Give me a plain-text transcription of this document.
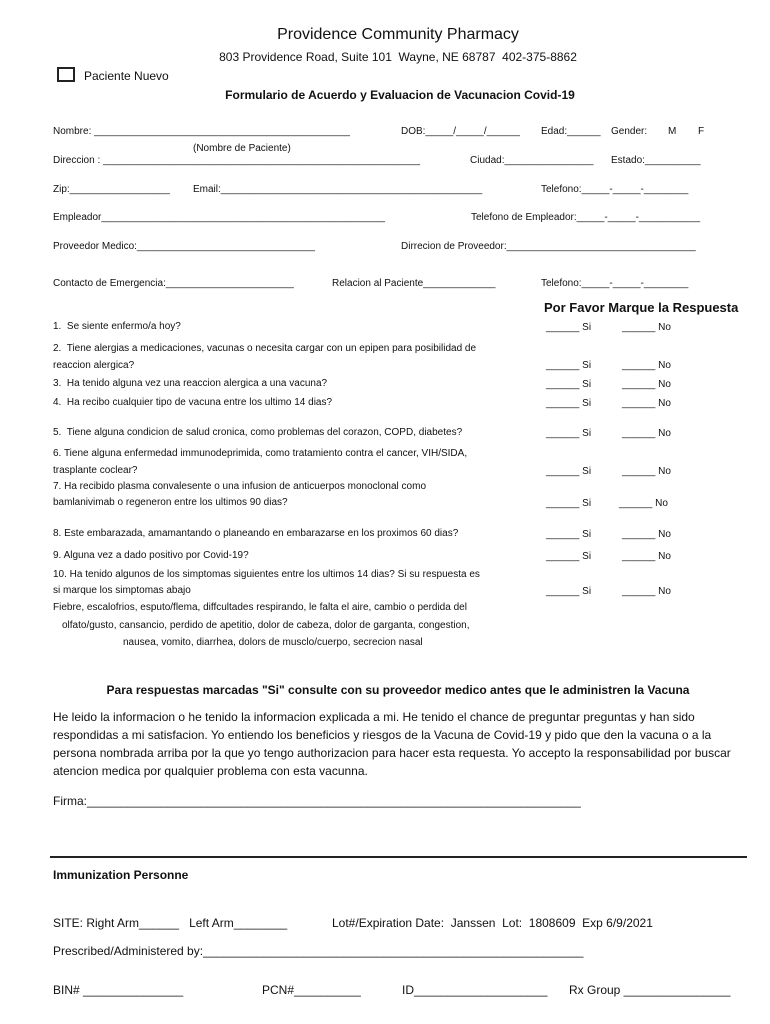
Providence Community Pharmacy
803 Providence Road, Suite 101  Wayne, NE 68787  402-375-8862
Paciente Nuevo
Formulario de Acuerdo y Evaluacion de Vacunacion Covid-19
Nombre: ______________________________________________	DOB:_____/_____/______ Edad:______ Gender: M F
(Nombre de Paciente)
Direccion : _________________________________________________________	Ciudad:________________ Estado:__________
Zip:__________________ Email:_______________________________________________	Telefono:_____-_____-________
Empleador___________________________________________________	Telefono de Empleador:_____-_____-___________
Proveedor Medico:________________________________	Dirrecion de Proveedor:__________________________________
Contacto de Emergencia:_______________________	Relacion al Paciente_____________	Telefono:_____-_____-________
Por Favor Marque la Respuesta
1.  Se siente enfermo/a hoy?	______ Si	______ No
2.  Tiene alergias a medicaciones, vacunas o necesita cargar con un epipen para posibilidad de
reaccion alergica?	______ Si	______ No
3.  Ha tenido alguna vez una reaccion alergica a una vacuna?	______ Si	______ No
4.  Ha recibo cualquier tipo de vacuna entre los ultimo 14 dias?	______ Si	______ No
5.  Tiene alguna condicion de salud cronica, como problemas del corazon, COPD, diabetes?	______ Si	______ No
6. Tiene alguna enfermedad immunodeprimida, como tratamiento contra el cancer, VIH/SIDA,
trasplante coclear?	______ Si	______ No
7. Ha recibido plasma convalesente o una infusion de anticuerpos monoclonal como
bamlanivimab o regeneron entre los ultimos 90 dias?	______ Si	______ No
8. Este embarazada, amamantando o planeando en embarazarse en los proximos 60 dias?	______ Si	______ No
9. Alguna vez a dado positivo por Covid-19?	______ Si	______ No
10. Ha tenido algunos de los simptomas siguientes entre los ultimos 14 dias? Si su respuesta es
si marque los simptomas abajo	______ Si	______ No
Fiebre, escalofrios, esputo/flema, diffcultades respirando, le falta el aire, cambio o perdida del
olfato/gusto, cansancio, perdido de apetitio, dolor de cabeza, dolor de garganta, congestion,
nausea, vomito, diarrhea, dolors de musclo/cuerpo, secrecion nasal
Para respuestas marcadas "Si" consulte con su proveedor medico antes que le administren la Vacuna
He leido la informacion o he tenido la informacion explicada a mi. He tenido el chance de preguntar preguntas y han sido respondidas a mi satisfacion. Yo entiendo los beneficios y riesgos de la Vacuna de Covid-19 y pido que den la vacuna o a la persona nombrada arriba por la que yo tengo authorizacion para hacer esta requesta. Yo accepto la responsabilidad por buscar atencion medica por qualquier problema con esta vacunna.
Firma:__________________________________________________________________________
Immunization Personne
SITE: Right Arm______   Left Arm________	Lot#/Expiration Date:  Janssen  Lot:  1808609  Exp 6/9/2021
Prescribed/Administered by:_________________________________________________________
BIN# _______________	PCN#__________	ID____________________ Rx Group ________________
